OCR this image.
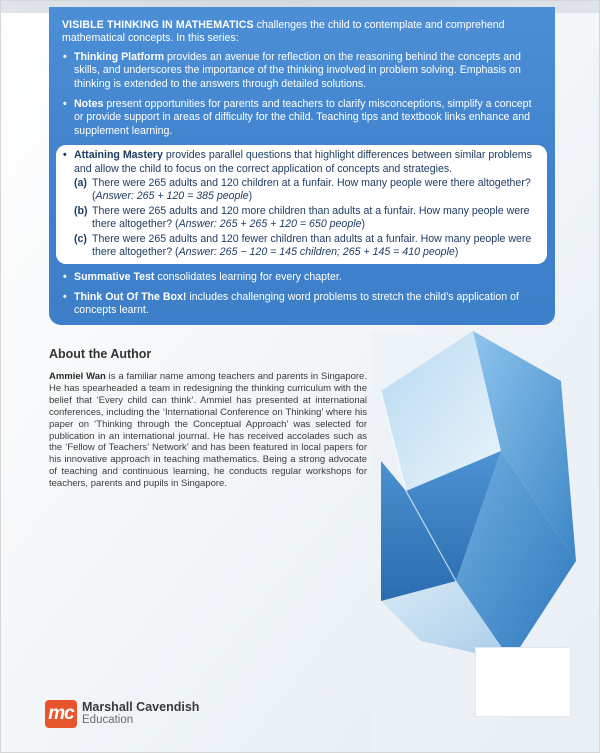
VISIBLE THINKING IN MATHEMATICS challenges the child to contemplate and comprehend mathematical concepts. In this series:

• Thinking Platform provides an avenue for reflection on the reasoning behind the concepts and skills, and underscores the importance of the thinking involved in problem solving. Emphasis on thinking is extended to the answers through detailed solutions.
• Notes present opportunities for parents and teachers to clarify misconceptions, simplify a concept or provide support in areas of difficulty for the child. Teaching tips and textbook links enhance and supplement learning.
• Attaining Mastery provides parallel questions that highlight differences between similar problems and allow the child to focus on the correct application of concepts and strategies.
(a) There were 265 adults and 120 children at a funfair. How many people were there altogether?
(Answer: 265 + 120 = 385 people)
(b) There were 265 adults and 120 more children than adults at a funfair. How many people were there altogether? (Answer: 265 + 265 + 120 = 650 people)
(c) There were 265 adults and 120 fewer children than adults at a funfair. How many people were there altogether? (Answer: 265 − 120 = 145 children; 265 + 145 = 410 people)
• Summative Test consolidates learning for every chapter.
• Think Out Of The Box! includes challenging word problems to stretch the child’s application of concepts learnt.
About the Author

Ammiel Wan is a familiar name among teachers and parents in Singapore. He has spearheaded a team in redesigning the thinking curriculum with the belief that ‘Every child can think’. Ammiel has presented at international conferences, including the ‘International Conference on Thinking’ where his paper on ‘Thinking through the Conceptual Approach’ was selected for publication in an international journal. He has received accolades such as the ‘Fellow of Teachers’ Network’ and has been featured in local papers for his innovative approach in teaching mathematics. Being a strong advocate of teaching and continuous learning, he conducts regular workshops for teachers, parents and pupils in Singapore.

mc Marshall Cavendish
Education
